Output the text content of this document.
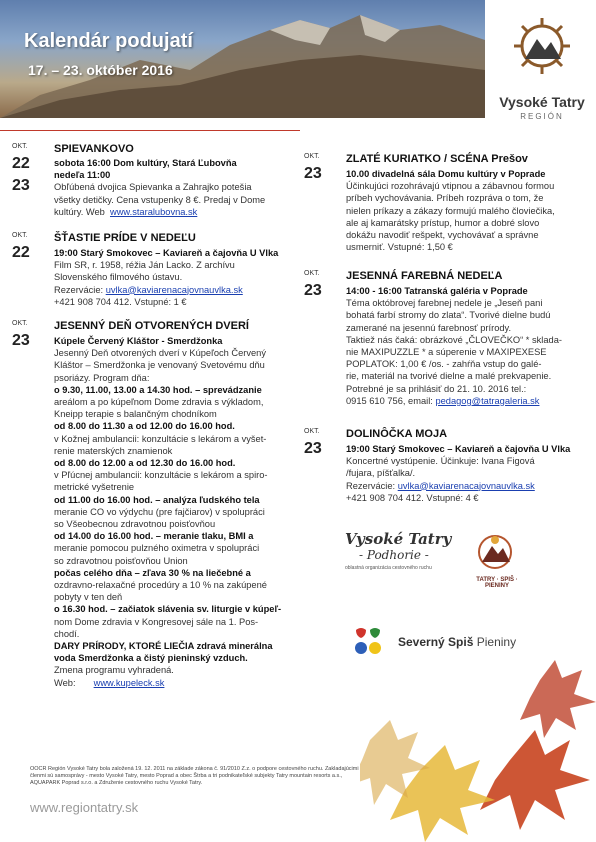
Kalendár podujatí
17. – 23. október 2016
Vysoké Tatry
REGIÓN
OKT.
22
23
SPIEVANKOVO

sobota 16:00 Dom kultúry, Stará Ľubovňa

nedeľa 11:00

Obľúbená dvojica Spievanka a Zahrajko potešia

všetky detičky. Cena vstupenky 8 €. Predaj v Dome

kultúry. Web www.staralubovna.sk

OKT.
22
ŠŤASTIE PRÍDE V NEDEĽU

19:00 Starý Smokovec – Kaviareň a čajovňa U Vlka

Film SR, r. 1958, réžia Ján Lacko. Z archívu

Slovenského filmového ústavu.

Rezervácie: uvlka@kaviarenacajovnauvlka.sk

+421 908 704 412. Vstupné: 1 €

OKT.
23
JESENNÝ DEŇ OTVORENÝCH DVERÍ

Kúpele Červený Kláštor - Smerdžonka

Jesenný Deň otvorených dverí v Kúpeľoch Červený

Kláštor – Smerdžonka je venovaný Svetovému dňu

psoriázy. Program dňa:

o 9.30, 11.00, 13.00 a 14.30 hod. – sprevádzanie

areálom a po kúpeľnom Dome zdravia s výkladom,

Kneipp terapie s balančným chodníkom

od 8.00 do 11.30 a od 12.00 do 16.00 hod.

v Kožnej ambulancii: konzultácie s lekárom a vyšet-

renie materských znamienok

od 8.00 do 12.00 a od 12.30 do 16.00 hod.

v Pľúcnej ambulancii: konzultácie s lekárom a spiro-

metrické vyšetrenie

od 11.00 do 16.00 hod. – analýza ľudského tela

meranie CO vo výdychu (pre fajčiarov) v spolupráci

so Všeobecnou zdravotnou poisťovňou

od 14.00 do 16.00 hod. – meranie tlaku, BMI a

meranie pomocou pulzného oximetra v spolupráci

so zdravotnou poisťovňou Union

počas celého dňa – zľava 30 % na liečebné a

ozdravno-relaxačné procedúry a 10 % na zakúpené

pobyty v ten deň

o 16.30 hod. – začiatok slávenia sv. liturgie v kúpeľ-

nom Dome zdravia v Kongresovej sále na 1. Pos-

chodí.

DARY PRÍRODY, KTORÉ LIEČIA zdravá minerálna

voda Smerdžonka a čistý pieninský vzduch.

Zmena programu vyhradená.

Web: www.kupeleck.sk

OKT.
23
ZLATÉ KURIATKO / SCÉNA Prešov

10.00 divadelná sála Domu kultúry v Poprade

Účinkujúci rozohrávajú vtipnou a zábavnou formou

príbeh vychovávania. Príbeh rozpráva o tom, že

nielen príkazy a zákazy formujú malého človiečika,

ale aj kamarátsky prístup, humor a dobré slovo

dokážu navodiť rešpekt, vychovávať a správne

usmerniť. Vstupné: 1,50 €

OKT.
23
JESENNÁ FAREBNÁ NEDEĽA

14:00 - 16:00 Tatranská galéria v Poprade

Téma októbrovej farebnej nedele je „Jeseň pani

bohatá farbí stromy do zlata“. Tvorivé dielne budú

zamerané na jesennú farebnosť prírody.

Taktiež nás čaká: obrázkové „ČLOVEČKO“ * sklada-

nie MAXIPUZZLE * a súperenie v MAXIPEXESE

POPLATOK: 1,00 € /os. - zahŕňa vstup do galé-

rie, materiál na tvorivé dielne a malé prekvapenie.

Potrebné je sa prihlásiť do 21. 10. 2016 tel.:

0915 610 756, email: pedagog@tatragaleria.sk

OKT.
23
DOLINÔČKA MOJA

19:00 Starý Smokovec – Kaviareň a čajovňa U Vlka

Koncertné vystúpenie. Účinkuje: Ivana Figová

/fujara, píšťalka/.

Rezervácie: uvlka@kaviarenacajovnauvlka.sk

+421 908 704 412. Vstupné: 4 €

Vysoké Tatry
- Podhorie -
oblastná organizácia cestovného ruchu
TATRY · SPIŠ · PIENINY
Severný Spiš Pieniny
OOCR Región Vysoké Tatry bola založená 19. 12. 2011 na základe zákona č. 91/2010 Z.z. o podpore cestovného ruchu. Zakladajúcimi členmi sú samosprávy - mesto Vysoké Tatry, mesto Poprad a obec Štrba a tri podnikateľské subjekty Tatry mountain resorts a.s., AQUAPARK Poprad s.r.o. a Združenie cestovného ruchu Vysoké Tatry.
www.regiontatry.sk
